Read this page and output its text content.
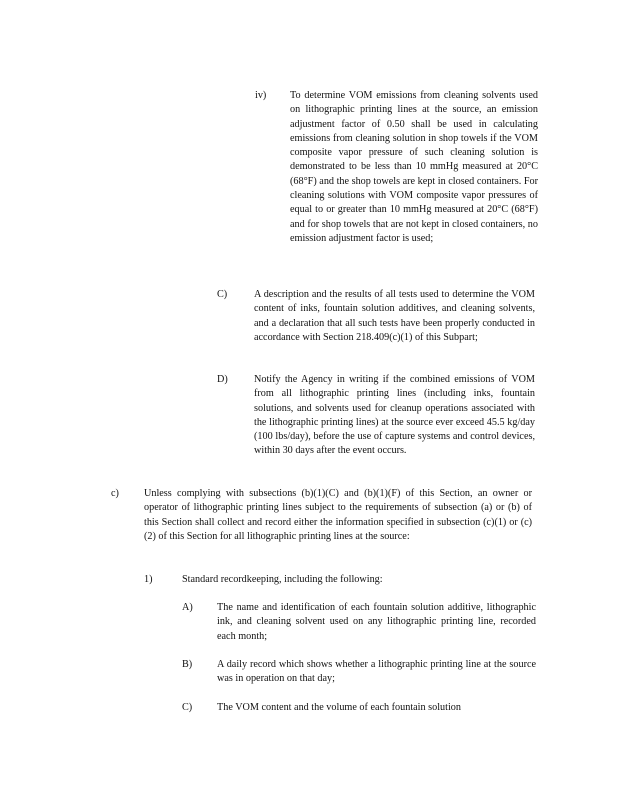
iv) To determine VOM emissions from cleaning solvents used on lithographic printing lines at the source, an emission adjustment factor of 0.50 shall be used in calculating emissions from cleaning solution in shop towels if the VOM composite vapor pressure of such cleaning solution is demonstrated to be less than 10 mmHg measured at 20°C (68°F) and the shop towels are kept in closed containers. For cleaning solutions with VOM composite vapor pressures of equal to or greater than 10 mmHg measured at 20°C (68°F) and for shop towels that are not kept in closed containers, no emission adjustment factor is used;
C)	A description and the results of all tests used to determine the VOM content of inks, fountain solution additives, and cleaning solvents, and a declaration that all such tests have been properly conducted in accordance with Section 218.409(c)(1) of this Subpart;
D)	Notify the Agency in writing if the combined emissions of VOM from all lithographic printing lines (including inks, fountain solutions, and solvents used for cleanup operations associated with the lithographic printing lines) at the source ever exceed 45.5 kg/day (100 lbs/day), before the use of capture systems and control devices, within 30 days after the event occurs.
c) Unless complying with subsections (b)(1)(C) and (b)(1)(F) of this Section, an owner or operator of lithographic printing lines subject to the requirements of subsection (a) or (b) of this Section shall collect and record either the information specified in subsection (c)(1) or (c)(2) of this Section for all lithographic printing lines at the source:
1)	Standard recordkeeping, including the following:
A) The name and identification of each fountain solution additive, lithographic ink, and cleaning solvent used on any lithographic printing line, recorded each month;
B) A daily record which shows whether a lithographic printing line at the source was in operation on that day;
C) The VOM content and the volume of each fountain solution
